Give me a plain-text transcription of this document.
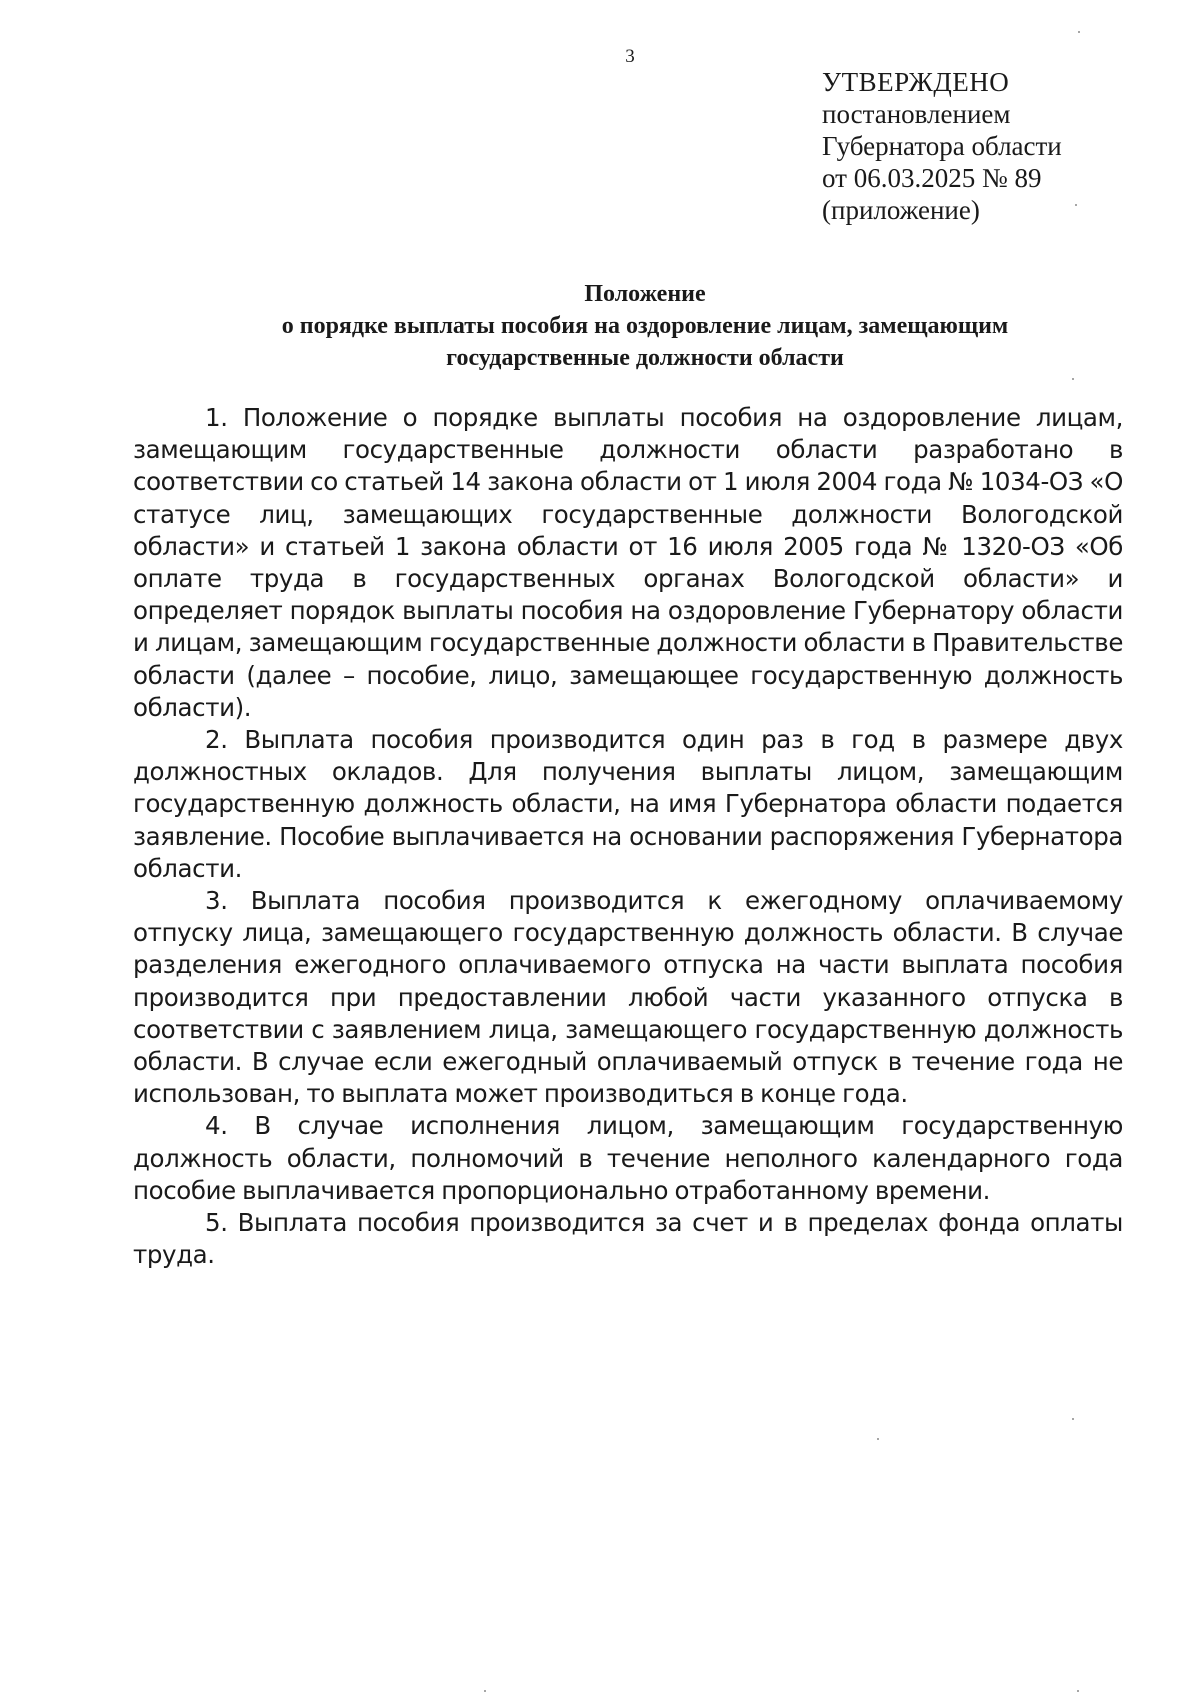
3
УТВЕРЖДЕНО
постановлением
Губернатора области
от 06.03.2025 № 89
(приложение)
Положение
о порядке выплаты пособия на оздоровление лицам, замещающим
государственные должности области

1. Положение о порядке выплаты пособия на оздоровление лицам, замещающим государственные должности области разработано в соответствии со статьей 14 закона области от 1 июля 2004 года № 1034-ОЗ «О статусе лиц, замещающих государственные должности Вологодской области» и статьей 1 закона области от 16 июля 2005 года № 1320-ОЗ «Об оплате труда в государственных органах Вологодской области» и определяет порядок выплаты пособия на оздоровление Губернатору области и лицам, замещающим государственные должности области в Правительстве области (далее – пособие, лицо, замещающее государственную должность области).

2. Выплата пособия производится один раз в год в размере двух должностных окладов. Для получения выплаты лицом, замещающим государственную должность области, на имя Губернатора области подается заявление. Пособие выплачивается на основании распоряжения Губернатора области.

3. Выплата пособия производится к ежегодному оплачиваемому отпуску лица, замещающего государственную должность области. В случае разделения ежегодного оплачиваемого отпуска на части выплата пособия производится при предоставлении любой части указанного отпуска в соответствии с заявлением лица, замещающего государственную должность области. В случае если ежегодный оплачиваемый отпуск в течение года не использован, то выплата может производиться в конце года.

4. В случае исполнения лицом, замещающим государственную должность области, полномочий в течение неполного календарного года пособие выплачивается пропорционально отработанному времени.

5. Выплата пособия производится за счет и в пределах фонда оплаты труда.
